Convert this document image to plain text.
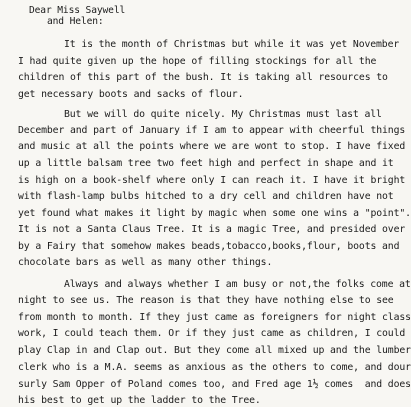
Dear Miss Saywell
and Helen:
It is the month of Christmas but while it was yet November
I had quite given up the hope of filling stockings for all the
children of this part of the bush. It is taking all resources to
get necessary boots and sacks of flour.
But we will do quite nicely. My Christmas must last all
December and part of January if I am to appear with cheerful things
and music at all the points where we are wont to stop. I have fixed
up a little balsam tree two feet high and perfect in shape and it
is high on a book-shelf where only I can reach it. I have it bright
with flash-lamp bulbs hitched to a dry cell and children have not
yet found what makes it light by magic when some one wins a "point".
It is not a Santa Claus Tree. It is a magic Tree, and presided over
by a Fairy that somehow makes beads,tobacco,books,flour, boots and
chocolate bars as well as many other things.
Always and always whether I am busy or not,the folks come at
night to see us. The reason is that they have nothing else to see
from month to month. If they just came as foreigners for night class
work, I could teach them. Or if they just came as children, I could
play Clap in and Clap out. But they come all mixed up and the lumber
clerk who is a M.A. seems as anxious as the others to come, and dour
surly Sam Opper of Poland comes too, and Fred age 1½ comes  and does
his best to get up the ladder to the Tree.
